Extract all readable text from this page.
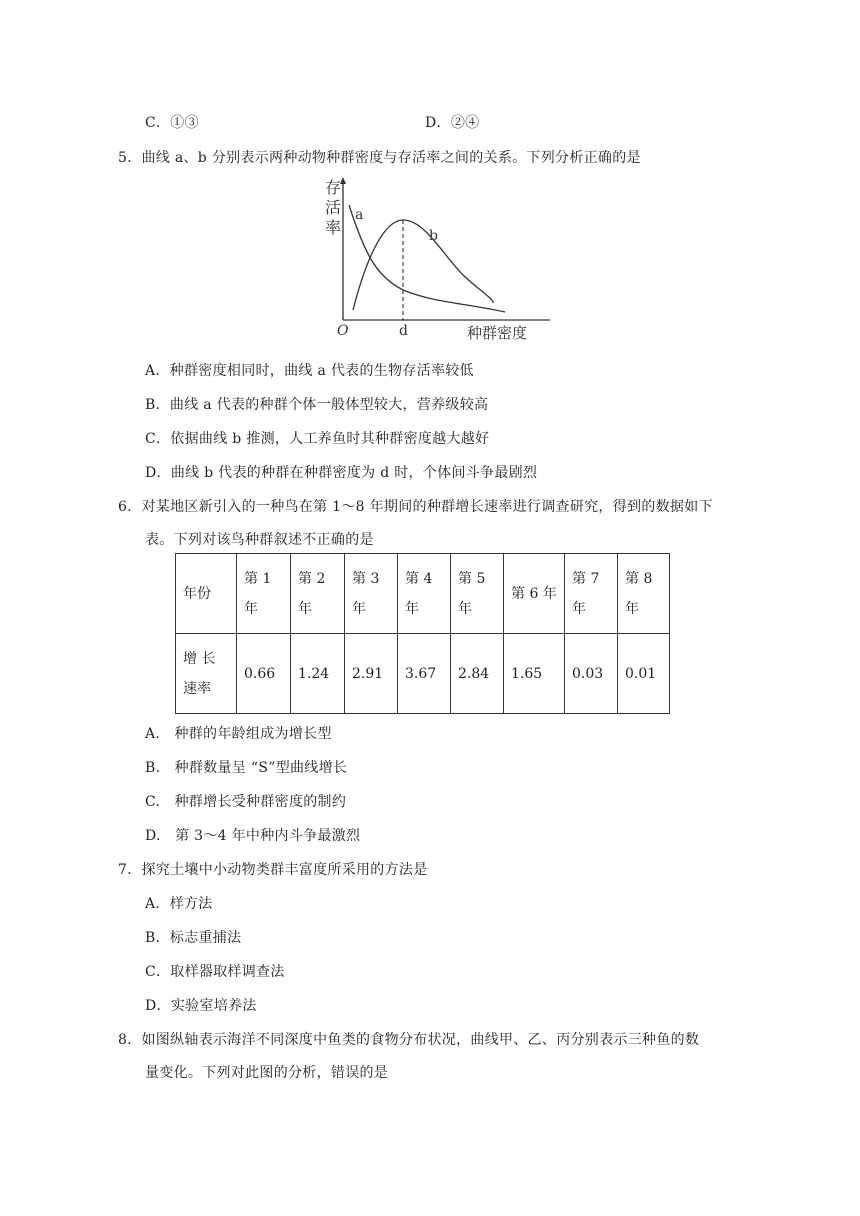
C．①③	D．②④
5．曲线 a、b 分别表示两种动物种群密度与存活率之间的关系。下列分析正确的是
存
活
率
a
b
O	d	种群密度
A．种群密度相同时，曲线 a 代表的生物存活率较低
B．曲线 a 代表的种群个体一般体型较大，营养级较高
C．依据曲线 b 推测，人工养鱼时其种群密度越大越好
D．曲线 b 代表的种群在种群密度为 d 时，个体间斗争最剧烈
6．对某地区新引入的一种鸟在第 1～8 年期间的种群增长速率进行调查研究，得到的数据如下
表。下列对该鸟种群叙述不正确的是
年份	第 1 年	第 2 年	第 3 年	第 4 年	第 5 年	第 6 年	第 7 年	第 8 年
增 长 速率	0.66	1.24	2.91	3.67	2.84	1.65	0.03	0.01
A.　种群的年龄组成为增长型
B.　种群数量呈 “S”型曲线增长
C.　种群增长受种群密度的制约
D.　第 3～4 年中种内斗争最激烈
7．探究土壤中小动物类群丰富度所采用的方法是
A．样方法
B．标志重捕法
C．取样器取样调查法
D．实验室培养法
8．如图纵轴表示海洋不同深度中鱼类的食物分布状况，曲线甲、乙、丙分别表示三种鱼的数
量变化。下列对此图的分析，错误的是
